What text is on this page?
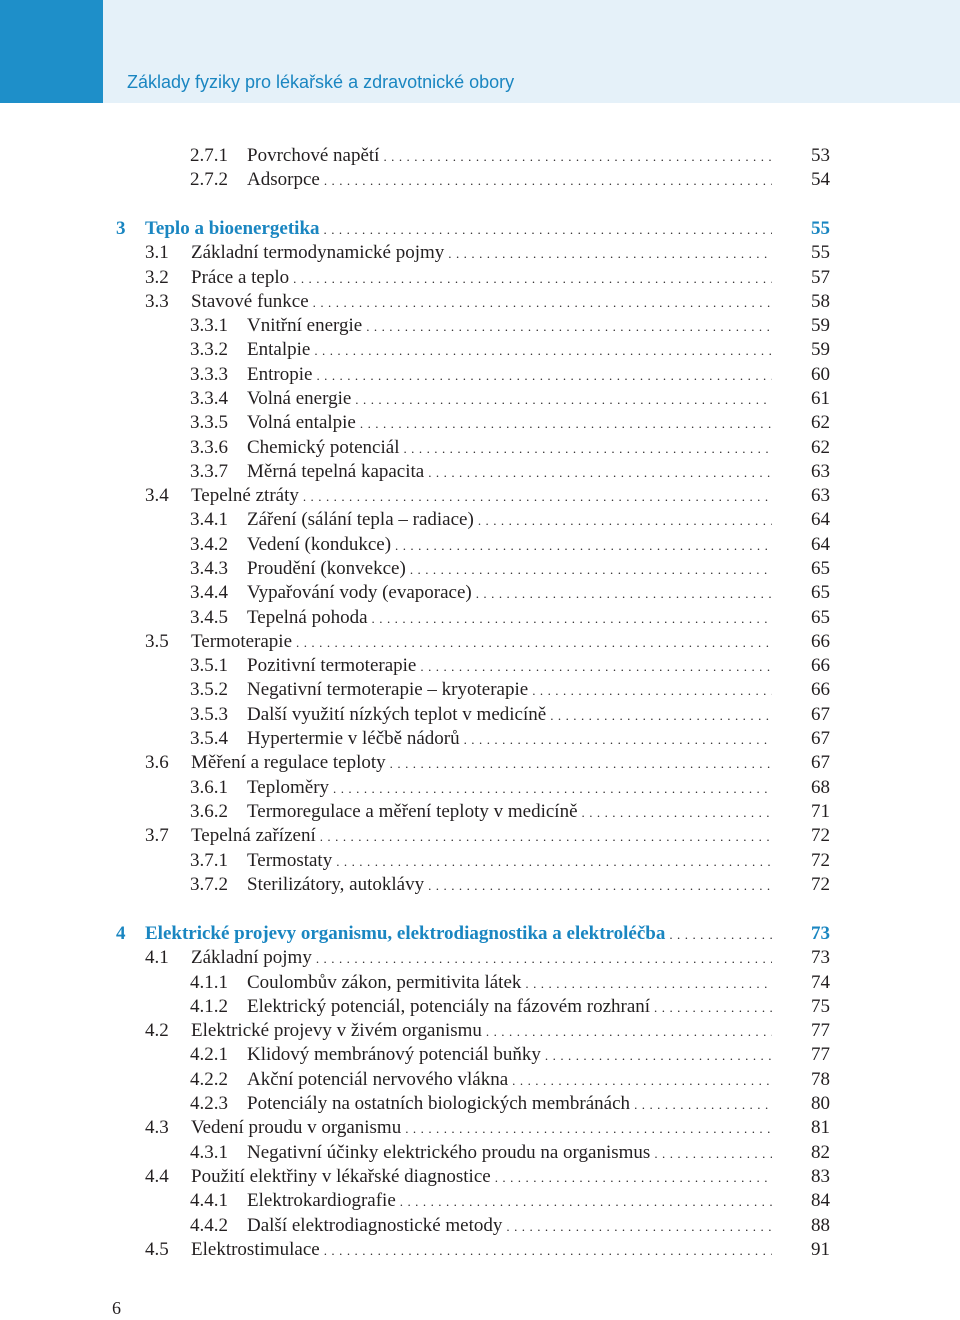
Základy fyziky pro lékařské a zdravotnické obory
2.7.1	Povrchové napětí . . .	53
2.7.2	Adsorpce . . .	54
3	Teplo a bioenergetika . . .	55
3.1	Základní termodynamické pojmy . . .	55
3.2	Práce a teplo . . .	57
3.3	Stavové funkce . . .	58
3.3.1	Vnitřní energie . . .	59
3.3.2	Entalpie . . .	59
3.3.3	Entropie . . .	60
3.3.4	Volná energie . . .	61
3.3.5	Volná entalpie . . .	62
3.3.6	Chemický potenciál . . .	62
3.3.7	Měrná tepelná kapacita . . .	63
3.4	Tepelné ztráty . . .	63
3.4.1	Záření (sálání tepla – radiace) . . .	64
3.4.2	Vedení (kondukce) . . .	64
3.4.3	Proudění (konvekce) . . .	65
3.4.4	Vypařování vody (evaporace) . . .	65
3.4.5	Tepelná pohoda . . .	65
3.5	Termoterapie . . .	66
3.5.1	Pozitivní termoterapie . . .	66
3.5.2	Negativní termoterapie – kryoterapie . . .	66
3.5.3	Další využití nízkých teplot v medicíně . . .	67
3.5.4	Hypertermie v léčbě nádorů . . .	67
3.6	Měření a regulace teploty . . .	67
3.6.1	Teploměry . . .	68
3.6.2	Termoregulace a měření teploty v medicíně . . .	71
3.7	Tepelná zařízení . . .	72
3.7.1	Termostaty . . .	72
3.7.2	Sterilizátory, autoklávy . . .	72
4	Elektrické projevy organismu, elektrodiagnostika a elektroléčba . . .	73
4.1	Základní pojmy . . .	73
4.1.1	Coulombův zákon, permitivita látek . . .	74
4.1.2	Elektrický potenciál, potenciály na fázovém rozhraní . . .	75
4.2	Elektrické projevy v živém organismu . . .	77
4.2.1	Klidový membránový potenciál buňky . . .	77
4.2.2	Akční potenciál nervového vlákna . . .	78
4.2.3	Potenciály na ostatních biologických membránách . . .	80
4.3	Vedení proudu v organismu . . .	81
4.3.1	Negativní účinky elektrického proudu na organismus . . .	82
4.4	Použití elektřiny v lékařské diagnostice . . .	83
4.4.1	Elektrokardiografie . . .	84
4.4.2	Další elektrodiagnostické metody . . .	88
4.5	Elektrostimulace . . .	91
6
